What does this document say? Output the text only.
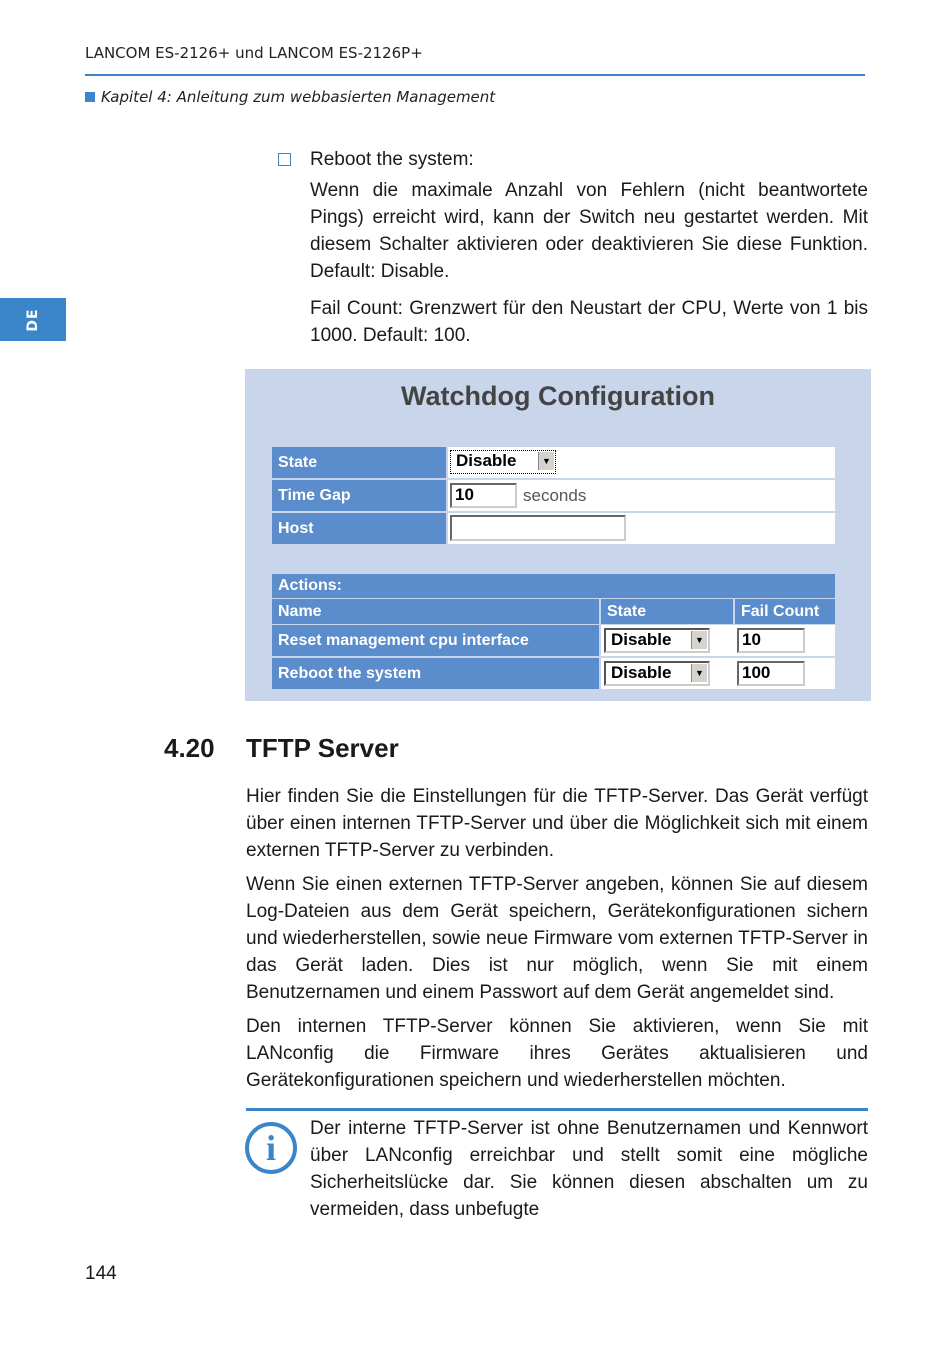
LANCOM ES-2126+ und LANCOM ES-2126P+
Kapitel 4: Anleitung zum webbasierten Management
DE
Reboot the system:
Wenn die maximale Anzahl von Fehlern (nicht beantwortete Pings) erreicht wird, kann der Switch neu gestartet werden. Mit diesem Schalter aktivieren oder deaktivieren Sie diese Funktion. Default: Disable.
Fail Count: Grenzwert für den Neustart der CPU, Werte von 1 bis 1000. Default: 100.
Watchdog Configuration
State	Disable	▼
Time Gap	10	seconds
Host
Actions:
Name	State	Fail Count
Reset management cpu interface	Disable	▼ 10
Reboot the system	Disable	▼ 100
4.20 TFTP Server
Hier finden Sie die Einstellungen für die TFTP-Server. Das Gerät verfügt über einen internen TFTP-Server und über die Möglichkeit sich mit einem externen TFTP-Server zu verbinden.
Wenn Sie einen externen TFTP-Server angeben, können Sie auf diesem Log-Dateien aus dem Gerät speichern, Gerätekonfigurationen sichern und wiederherstellen, sowie neue Firmware vom externen TFTP-Server in das Gerät laden. Dies ist nur möglich, wenn Sie mit einem Benutzernamen und einem Passwort auf dem Gerät angemeldet sind.
Den internen TFTP-Server können Sie aktivieren, wenn Sie mit LANconfig die Firmware ihres Gerätes aktualisieren und Gerätekonfigurationen speichern und wiederherstellen möchten.
i	Der interne TFTP-Server ist ohne Benutzernamen und Kennwort über LANconfig erreichbar und stellt somit eine mögliche Sicherheitslücke dar. Sie können diesen abschalten um zu vermeiden, dass unbefugte
144
